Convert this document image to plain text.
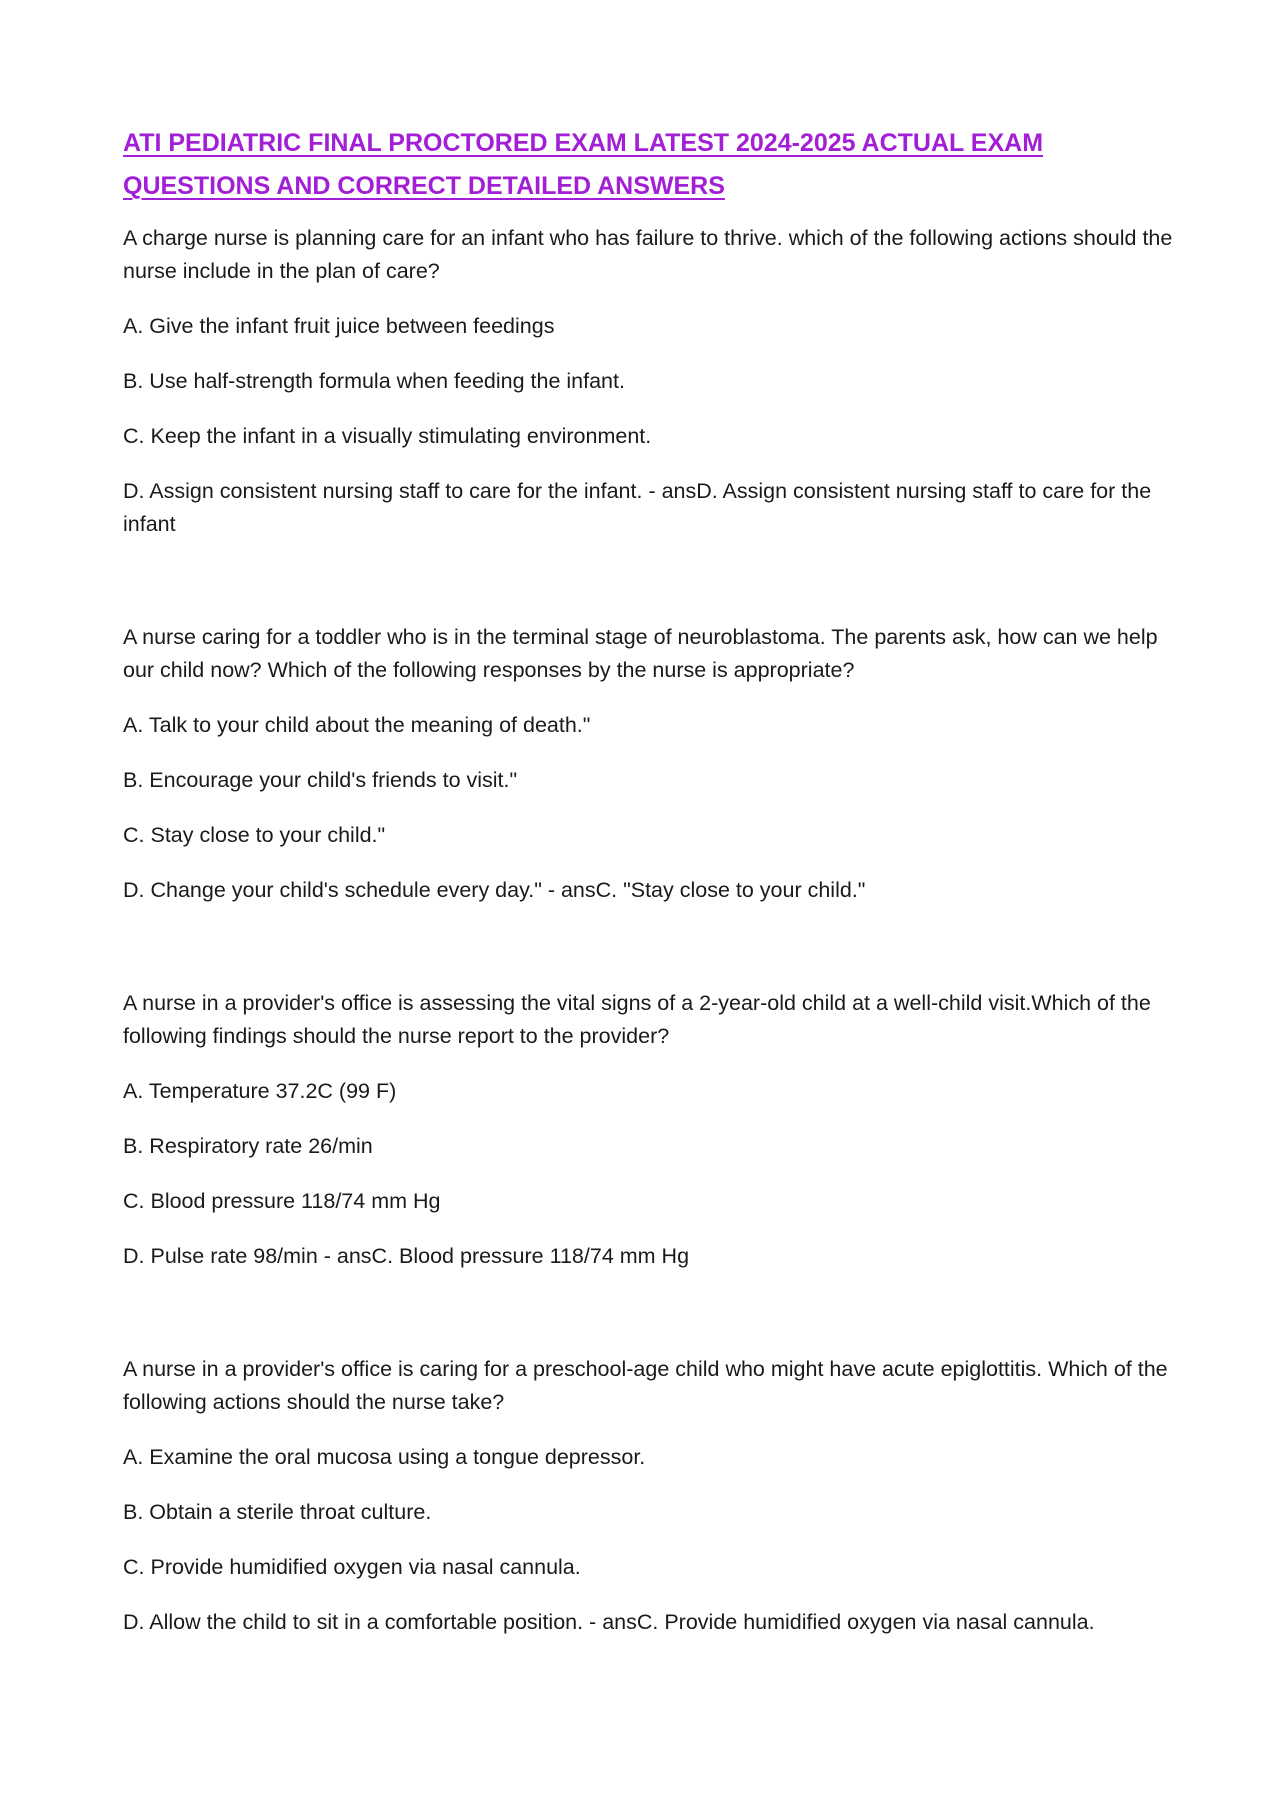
ATI PEDIATRIC FINAL PROCTORED EXAM LATEST 2024-2025 ACTUAL EXAM QUESTIONS AND CORRECT DETAILED ANSWERS

A charge nurse is planning care for an infant who has failure to thrive. which of the following actions should the nurse include in the plan of care?

A. Give the infant fruit juice between feedings

B. Use half-strength formula when feeding the infant.

C. Keep the infant in a visually stimulating environment.

D. Assign consistent nursing staff to care for the infant. - ansD. Assign consistent nursing staff to care for the infant

A nurse caring for a toddler who is in the terminal stage of neuroblastoma. The parents ask, how can we help our child now? Which of the following responses by the nurse is appropriate?

A. Talk to your child about the meaning of death."

B. Encourage your child's friends to visit."

C. Stay close to your child."

D. Change your child's schedule every day." - ansC. "Stay close to your child."

A nurse in a provider's office is assessing the vital signs of a 2-year-old child at a well-child visit.Which of the following findings should the nurse report to the provider?

A. Temperature 37.2C (99 F)

B. Respiratory rate 26/min

C. Blood pressure 118/74 mm Hg

D. Pulse rate 98/min - ansC. Blood pressure 118/74 mm Hg

A nurse in a provider's office is caring for a preschool-age child who might have acute epiglottitis. Which of the following actions should the nurse take?

A. Examine the oral mucosa using a tongue depressor.

B. Obtain a sterile throat culture.

C. Provide humidified oxygen via nasal cannula.

D. Allow the child to sit in a comfortable position. - ansC. Provide humidified oxygen via nasal cannula.
